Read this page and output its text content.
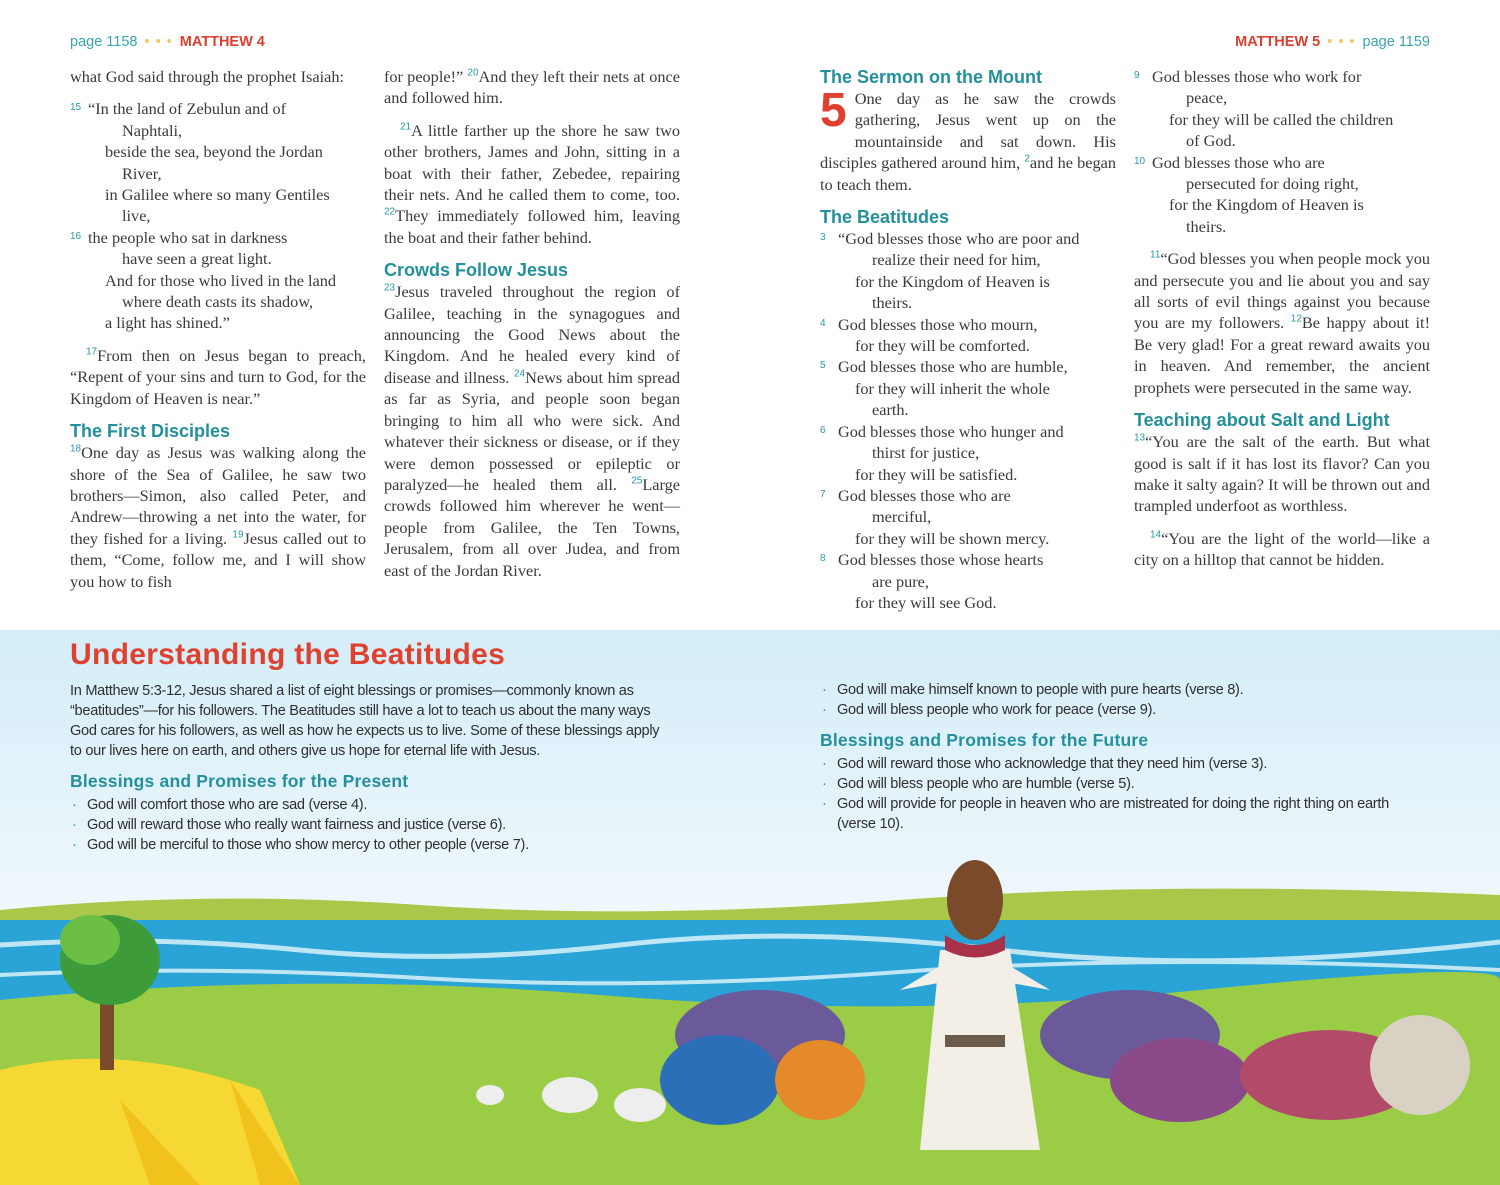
page 1158 • • • MATTHEW 4	MATTHEW 5 • • • page 1159

what God said through the prophet Isaiah:

15 “In the land of Zebulun and of
Naphtali,
beside the sea, beyond the Jordan
River,
in Galilee where so many Gentiles
live,
16 the people who sat in darkness
have seen a great light.
And for those who lived in the land
where death casts its shadow,
a light has shined.”

$^{17}$From then on Jesus began to preach, “Repent of your sins and turn to God, for the Kingdom of Heaven is near.”

The First Disciples

$^{18}$One day as Jesus was walking along the shore of the Sea of Galilee, he saw two brothers—Simon, also called Peter, and Andrew—throwing a net into the water, for they fished for a living. $^{19}$Jesus called out to them, “Come, follow me, and I will show you how to fish

for people!” $^{20}$And they left their nets at once and followed him.

$^{21}$A little farther up the shore he saw two other brothers, James and John, sitting in a boat with their father, Zebedee, repairing their nets. And he called them to come, too. $^{22}$They immediately followed him, leaving the boat and their father behind.

Crowds Follow Jesus

$^{23}$Jesus traveled throughout the region of Galilee, teaching in the synagogues and announcing the Good News about the Kingdom. And he healed every kind of disease and illness. $^{24}$News about him spread as far as Syria, and people soon began bringing to him all who were sick. And whatever their sickness or disease, or if they were demon possessed or epileptic or paralyzed—he healed them all. $^{25}$Large crowds followed him wherever he went—people from Galilee, the Ten Towns, Jerusalem, from all over Judea, and from east of the Jordan River.

The Sermon on the Mount

5 One day as he saw the crowds gathering, Jesus went up on the mountainside and sat down. His disciples gathered around him, $^2$and he began to teach them.

The Beatitudes
3 “God blesses those who are poor and
realize their need for him,
for the Kingdom of Heaven is
theirs.
4 God blesses those who mourn,
for they will be comforted.
5 God blesses those who are humble,
for they will inherit the whole
earth.
6 God blesses those who hunger and
thirst for justice,
for they will be satisfied.
7 God blesses those who are
merciful,
for they will be shown mercy.
8 God blesses those whose hearts
are pure,
for they will see God.
9 God blesses those who work for
peace,
for they will be called the children
of God.
10 God blesses those who are
persecuted for doing right,
for the Kingdom of Heaven is
theirs.

$^{11}$“God blesses you when people mock you and persecute you and lie about you and say all sorts of evil things against you because you are my followers. $^{12}$Be happy about it! Be very glad! For a great reward awaits you in heaven. And remember, the ancient prophets were persecuted in the same way.

Teaching about Salt and Light

$^{13}$“You are the salt of the earth. But what good is salt if it has lost its flavor? Can you make it salty again? It will be thrown out and trampled underfoot as worthless.

$^{14}$“You are the light of the world—like a city on a hilltop that cannot be hidden.

Understanding the Beatitudes
In Matthew 5:3-12, Jesus shared a list of eight blessings or promises—commonly known as “beatitudes”—for his followers. The Beatitudes still have a lot to teach us about the many ways God cares for his followers, as well as how he expects us to live. Some of these blessings apply to our lives here on earth, and others give us hope for eternal life with Jesus.
Blessings and Promises for the Present
· God will comfort those who are sad (verse 4).
· God will reward those who really want fairness and justice (verse 6).
· God will be merciful to those who show mercy to other people (verse 7).
· God will make himself known to people with pure hearts (verse 8).
· God will bless people who work for peace (verse 9).
Blessings and Promises for the Future
· God will reward those who acknowledge that they need him (verse 3).
· God will bless people who are humble (verse 5).
· God will provide for people in heaven who are mistreated for doing the right thing on earth (verse 10).
